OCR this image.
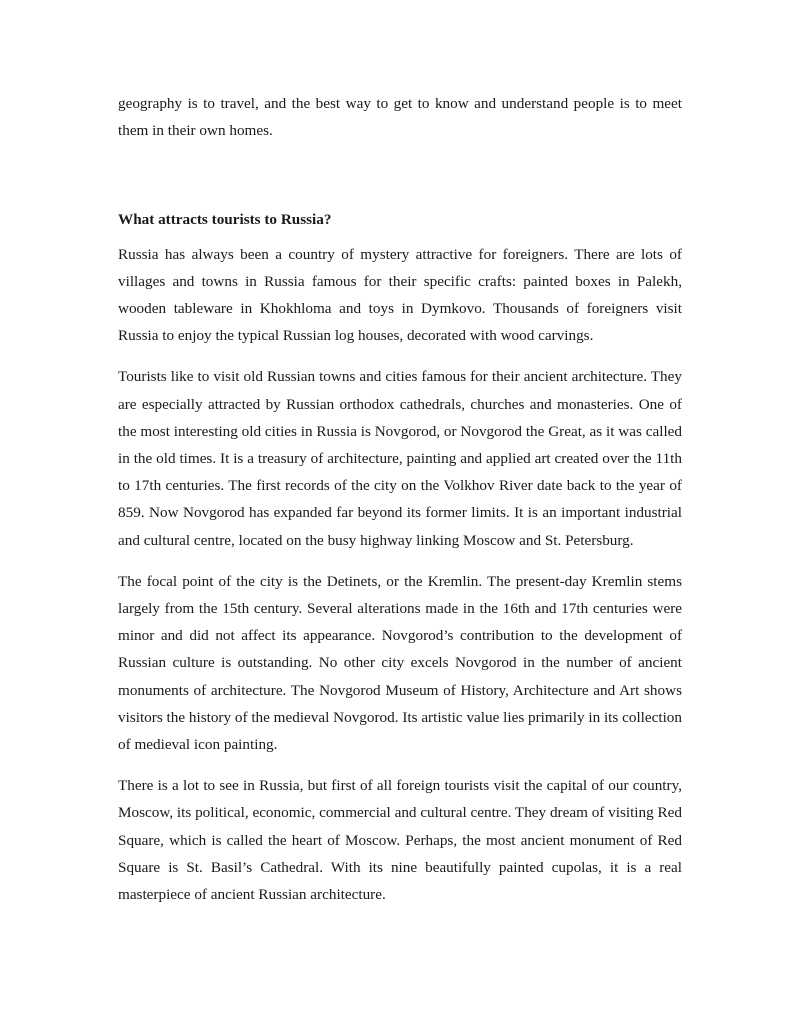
geography is to travel, and the best way to get to know and understand people is to meet them in their own homes.

What attracts tourists to Russia?

Russia has always been a country of mystery attractive for foreigners. There are lots of villages and towns in Russia famous for their specific crafts: painted boxes in Palekh, wooden tableware in Khokhloma and toys in Dymkovo. Thousands of foreigners visit Russia to enjoy the typical Russian log houses, decorated with wood carvings.

Tourists like to visit old Russian towns and cities famous for their ancient architecture. They are especially attracted by Russian orthodox cathedrals, churches and monasteries. One of the most interesting old cities in Russia is Novgorod, or Novgorod the Great, as it was called in the old times. It is a treasury of architecture, painting and applied art created over the 11th to 17th centuries. The first records of the city on the Volkhov River date back to the year of 859. Now Novgorod has expanded far beyond its former limits. It is an important industrial and cultural centre, located on the busy highway linking Moscow and St. Petersburg.

The focal point of the city is the Detinets, or the Kremlin. The present-day Kremlin stems largely from the 15th century. Several alterations made in the 16th and 17th centuries were minor and did not affect its appearance. Novgorod’s contribution to the development of Russian culture is outstanding. No other city excels Novgorod in the number of ancient monuments of architecture. The Novgorod Museum of History, Architecture and Art shows visitors the history of the medieval Novgorod. Its artistic value lies primarily in its collection of medieval icon painting.

There is a lot to see in Russia, but first of all foreign tourists visit the capital of our country, Moscow, its political, economic, commercial and cultural centre. They dream of visiting Red Square, which is called the heart of Moscow. Perhaps, the most ancient monument of Red Square is St. Basil’s Cathedral. With its nine beautifully painted cupolas, it is a real masterpiece of ancient Russian architecture.
